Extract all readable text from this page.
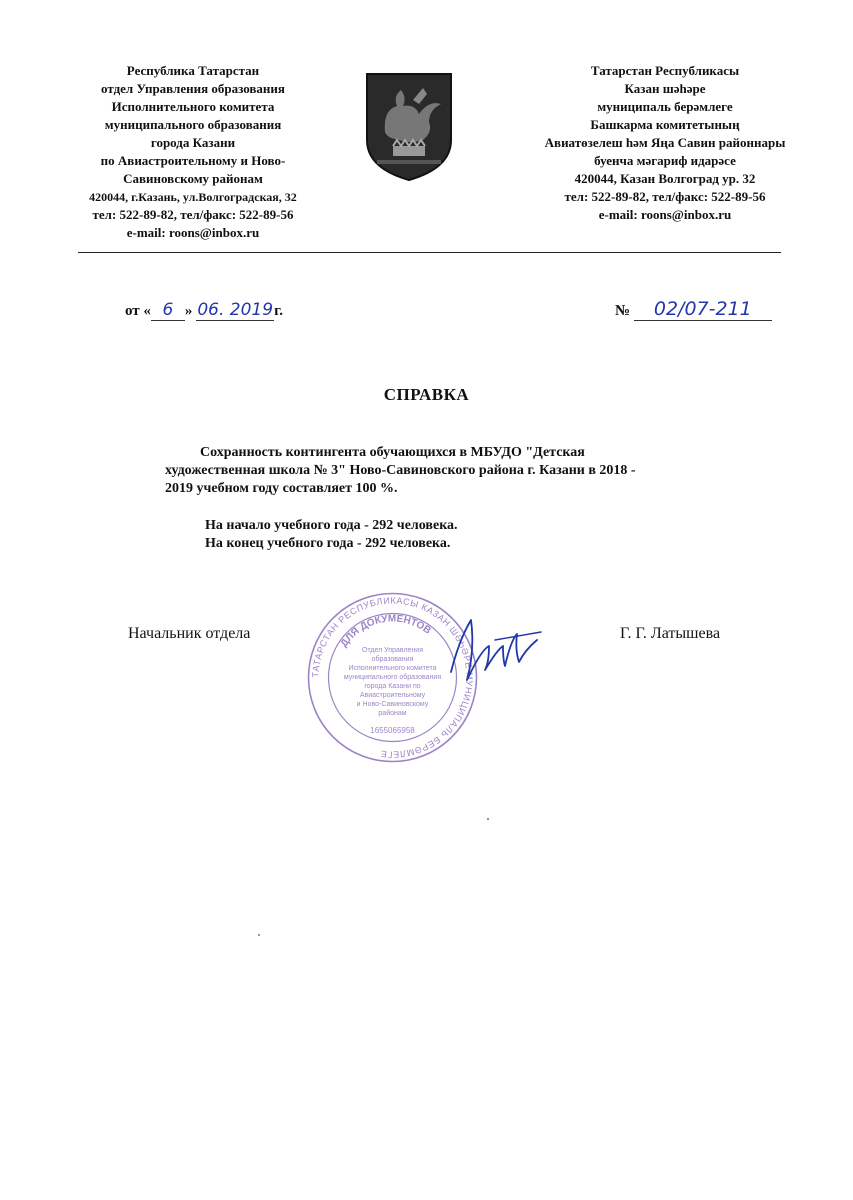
Республика Татарстан
отдел Управления образования
Исполнительного комитета
муниципального образования
города Казани
по Авиастроительному и Ново-
Савиновскому районам
420044, г.Казань, ул.Волгоградская, 32
тел: 522-89-82, тел/факс: 522-89-56
e-mail: roons@inbox.ru
Татарстан Республикасы
Казан шәһәре
муниципаль берәмлеге
Башкарма комитетының
Авиатөзелеш һәм Яңа Савин районнары
буенча мәгариф идарәсе
420044, Казан Волгоград ур. 32
тел: 522-89-82, тел/факс: 522-89-56
e-mail: roons@inbox.ru
от « 6 » 06. 2019г.	№ 02/07-211
СПРАВКА
Сохранность контингента обучающихся в МБУДО "Детская
художественная школа № 3" Ново-Савиновского района г. Казани в 2018 -
2019 учебном году составляет 100 %.
На начало учебного года - 292 человека.
На конец учебного года - 292 человека.
Начальник отдела	Г. Г. Латышева
ТАТАРСТАН РЕСПУБЛИКАСЫ КАЗАН ШӘҺӘРЕ МУНИЦИПАЛЬ БЕРӘМЛЕГЕ
ДЛЯ ДОКУМЕНТОВ
Отдел Управления
образования
Исполнительного комитета
муниципального образования
города Казани по
Авиастроительному
и Ново-Савиновскому
районам
1655065958
